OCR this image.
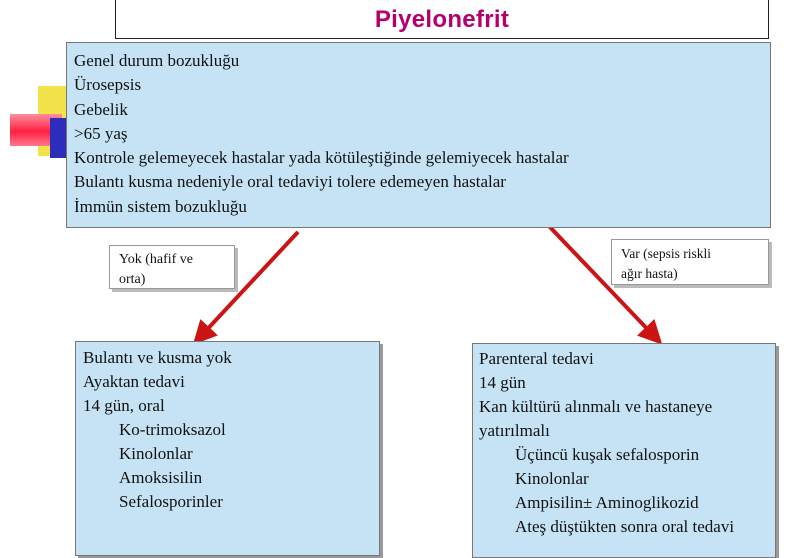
Piyelonefrit
Genel durum bozukluğu
Ürosepsis
Gebelik
>65 yaş
Kontrole gelemeyecek hastalar yada kötüleştiğinde gelemiyecek hastalar
Bulantı kusma nedeniyle oral tedaviyi tolere edemeyen hastalar
İmmün sistem bozukluğu
Yok (hafif ve
orta)
Var (sepsis riskli
ağır hasta)
Bulantı ve kusma yok
Ayaktan tedavi
14 gün, oral
Ko-trimoksazol
Kinolonlar
Amoksisilin
Sefalosporinler
Parenteral tedavi
14 gün
Kan kültürü alınmalı ve hastaneye
yatırılmalı
Üçüncü kuşak sefalosporin
Kinolonlar
Ampisilin± Aminoglikozid
Ateş düştükten sonra oral tedavi
